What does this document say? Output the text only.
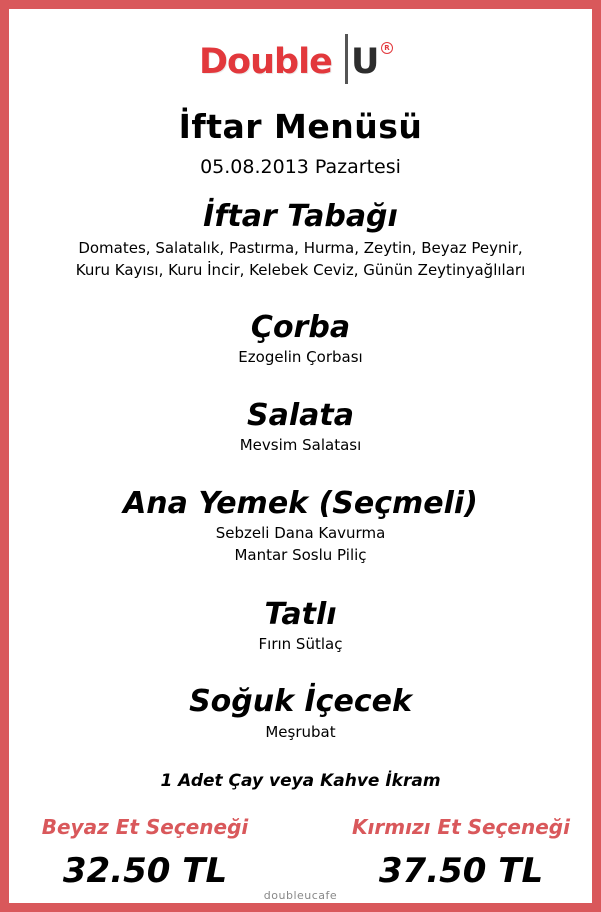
Double U R
İftar Menüsü
05.08.2013 Pazartesi
İftar Tabağı
Domates, Salatalık, Pastırma, Hurma, Zeytin, Beyaz Peynir,
Kuru Kayısı, Kuru İncir, Kelebek Ceviz, Günün Zeytinyağlıları
Çorba
Ezogelin Çorbası
Salata
Mevsim Salatası
Ana Yemek (Seçmeli)
Sebzeli Dana Kavurma
Mantar Soslu Piliç
Tatlı
Fırın Sütlaç
Soğuk İçecek
Meşrubat
1 Adet Çay veya Kahve İkram
Beyaz Et Seçeneği
32.50 TL
Kırmızı Et Seçeneği
37.50 TL
doubleucafe
